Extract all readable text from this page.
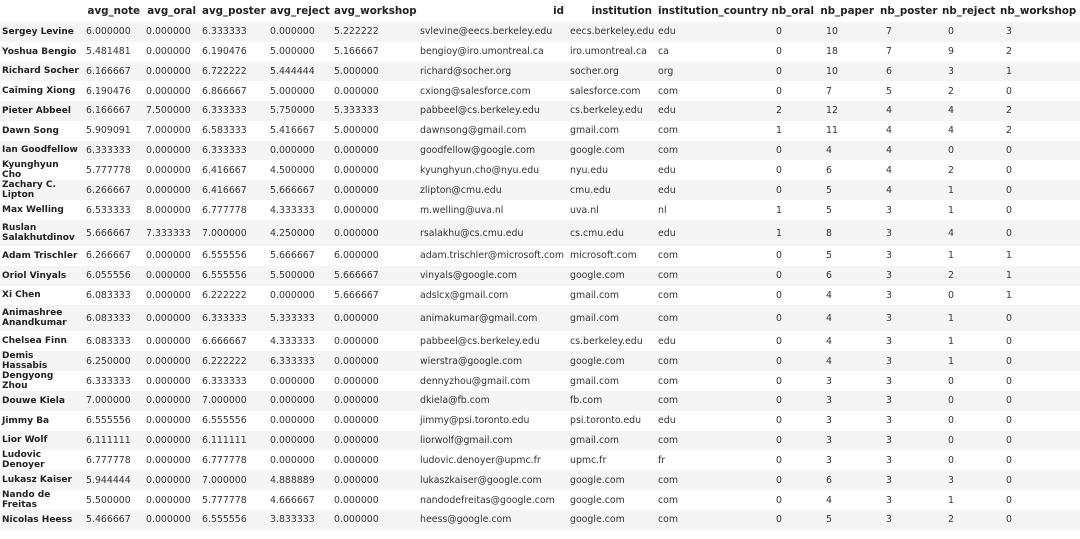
	avg_note	avg_oral	avg_poster	avg_reject	avg_workshop	id	institution	institution_country	nb_oral	nb_paper	nb_poster	nb_reject	nb_workshop
Sergey Levine	6.000000	0.000000	6.333333	0.000000	5.222222	svlevine@eecs.berkeley.edu	eecs.berkeley.edu	edu	0	10	7	0	3
Yoshua Bengio	5.481481	0.000000	6.190476	5.000000	5.166667	bengioy@iro.umontreal.ca	iro.umontreal.ca	ca	0	18	7	9	2
Richard Socher	6.166667	0.000000	6.722222	5.444444	5.000000	richard@socher.org	socher.org	org	0	10	6	3	1
Caiming Xiong	6.190476	0.000000	6.866667	5.000000	0.000000	cxiong@salesforce.com	salesforce.com	com	0	7	5	2	0
Pieter Abbeel	6.166667	7.500000	6.333333	5.750000	5.333333	pabbeel@cs.berkeley.edu	cs.berkeley.edu	edu	2	12	4	4	2
Dawn Song	5.909091	7.000000	6.583333	5.416667	5.000000	dawnsong@gmail.com	gmail.com	com	1	11	4	4	2
Ian Goodfellow	6.333333	0.000000	6.333333	0.000000	0.000000	goodfellow@google.com	google.com	com	0	4	4	0	0
Kyunghyun Cho	5.777778	0.000000	6.416667	4.500000	0.000000	kyunghyun.cho@nyu.edu	nyu.edu	edu	0	6	4	2	0
Zachary C. Lipton	6.266667	0.000000	6.416667	5.666667	0.000000	zlipton@cmu.edu	cmu.edu	edu	0	5	4	1	0
Max Welling	6.533333	8.000000	6.777778	4.333333	0.000000	m.welling@uva.nl	uva.nl	nl	1	5	3	1	0
Ruslan Salakhutdinov	5.666667	7.333333	7.000000	4.250000	0.000000	rsalakhu@cs.cmu.edu	cs.cmu.edu	edu	1	8	3	4	0
Adam Trischler	6.266667	0.000000	6.555556	5.666667	6.000000	adam.trischler@microsoft.com	microsoft.com	com	0	5	3	1	1
Oriol Vinyals	6.055556	0.000000	6.555556	5.500000	5.666667	vinyals@google.com	google.com	com	0	6	3	2	1
Xi Chen	6.083333	0.000000	6.222222	0.000000	5.666667	adslcx@gmail.com	gmail.com	com	0	4	3	0	1
Animashree Anandkumar	6.083333	0.000000	6.333333	5.333333	0.000000	animakumar@gmail.com	gmail.com	com	0	4	3	1	0
Chelsea Finn	6.083333	0.000000	6.666667	4.333333	0.000000	pabbeel@cs.berkeley.edu	cs.berkeley.edu	edu	0	4	3	1	0
Demis Hassabis	6.250000	0.000000	6.222222	6.333333	0.000000	wierstra@google.com	google.com	com	0	4	3	1	0
Dengyong Zhou	6.333333	0.000000	6.333333	0.000000	0.000000	dennyzhou@gmail.com	gmail.com	com	0	3	3	0	0
Douwe Kiela	7.000000	0.000000	7.000000	0.000000	0.000000	dkiela@fb.com	fb.com	com	0	3	3	0	0
Jimmy Ba	6.555556	0.000000	6.555556	0.000000	0.000000	jimmy@psi.toronto.edu	psi.toronto.edu	edu	0	3	3	0	0
Lior Wolf	6.111111	0.000000	6.111111	0.000000	0.000000	liorwolf@gmail.com	gmail.com	com	0	3	3	0	0
Ludovic Denoyer	6.777778	0.000000	6.777778	0.000000	0.000000	ludovic.denoyer@upmc.fr	upmc.fr	fr	0	3	3	0	0
Lukasz Kaiser	5.944444	0.000000	7.000000	4.888889	0.000000	lukaszkaiser@google.com	google.com	com	0	6	3	3	0
Nando de Freitas	5.500000	0.000000	5.777778	4.666667	0.000000	nandodefreitas@google.com	google.com	com	0	4	3	1	0
Nicolas Heess	5.466667	0.000000	6.555556	3.833333	0.000000	heess@google.com	google.com	com	0	5	3	2	0
